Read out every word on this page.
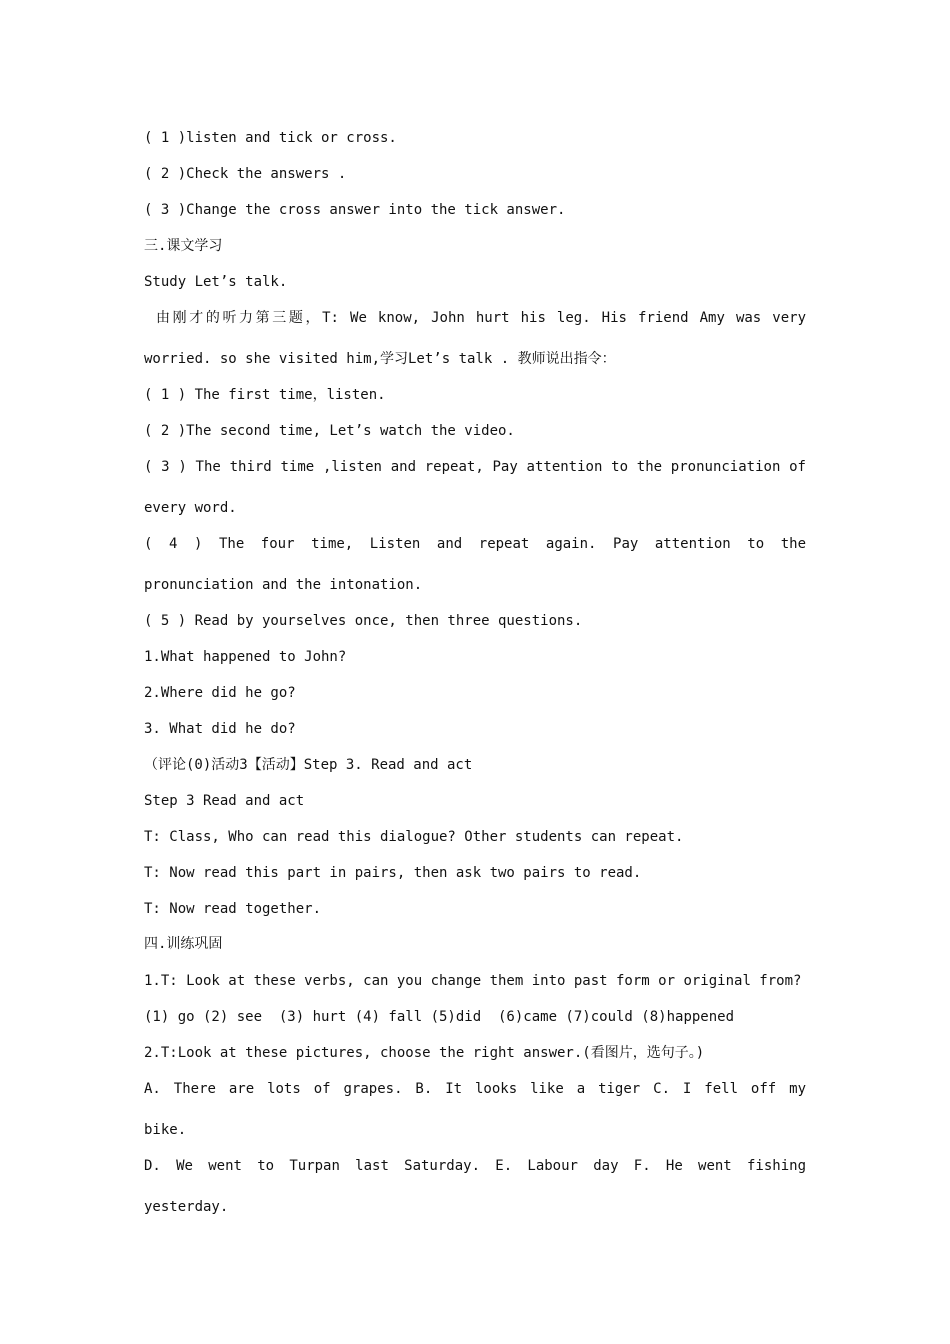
( 1 )listen and tick or cross.
( 2 )Check the answers .
( 3 )Change the cross answer into the tick answer.
三.课文学习
Study Let’s talk.
由刚才的听力第三题，T: We know, John hurt his leg. His friend Amy was very
worried. so she visited him,学习Let’s talk . 教师说出指令：
( 1 ) The first time，listen.
( 2 )The second time, Let’s watch the video.
( 3 ) The third time ,listen and repeat, Pay attention to the pronunciation of
every word.
( 4 ) The four time, Listen and repeat again. Pay attention to the
pronunciation and the intonation.
( 5 ) Read by yourselves once, then three questions.
1.What happened to John?
2.Where did he go?
3. What did he do?
（评论(0)活动3【活动】Step 3. Read and act
Step 3 Read and act
T: Class, Who can read this dialogue? Other students can repeat.
T: Now read this part in pairs, then ask two pairs to read.
T: Now read together.
四.训练巩固
1.T: Look at these verbs, can you change them into past form or original from?
(1) go (2) see  (3) hurt (4) fall (5)did  (6)came (7)could (8)happened
2.T:Look at these pictures, choose the right answer.(看图片，选句子。)
A. There are lots of grapes. B. It looks like a tiger C. I fell off my
bike.
D. We went to Turpan last Saturday. E. Labour day F. He went fishing
yesterday.
